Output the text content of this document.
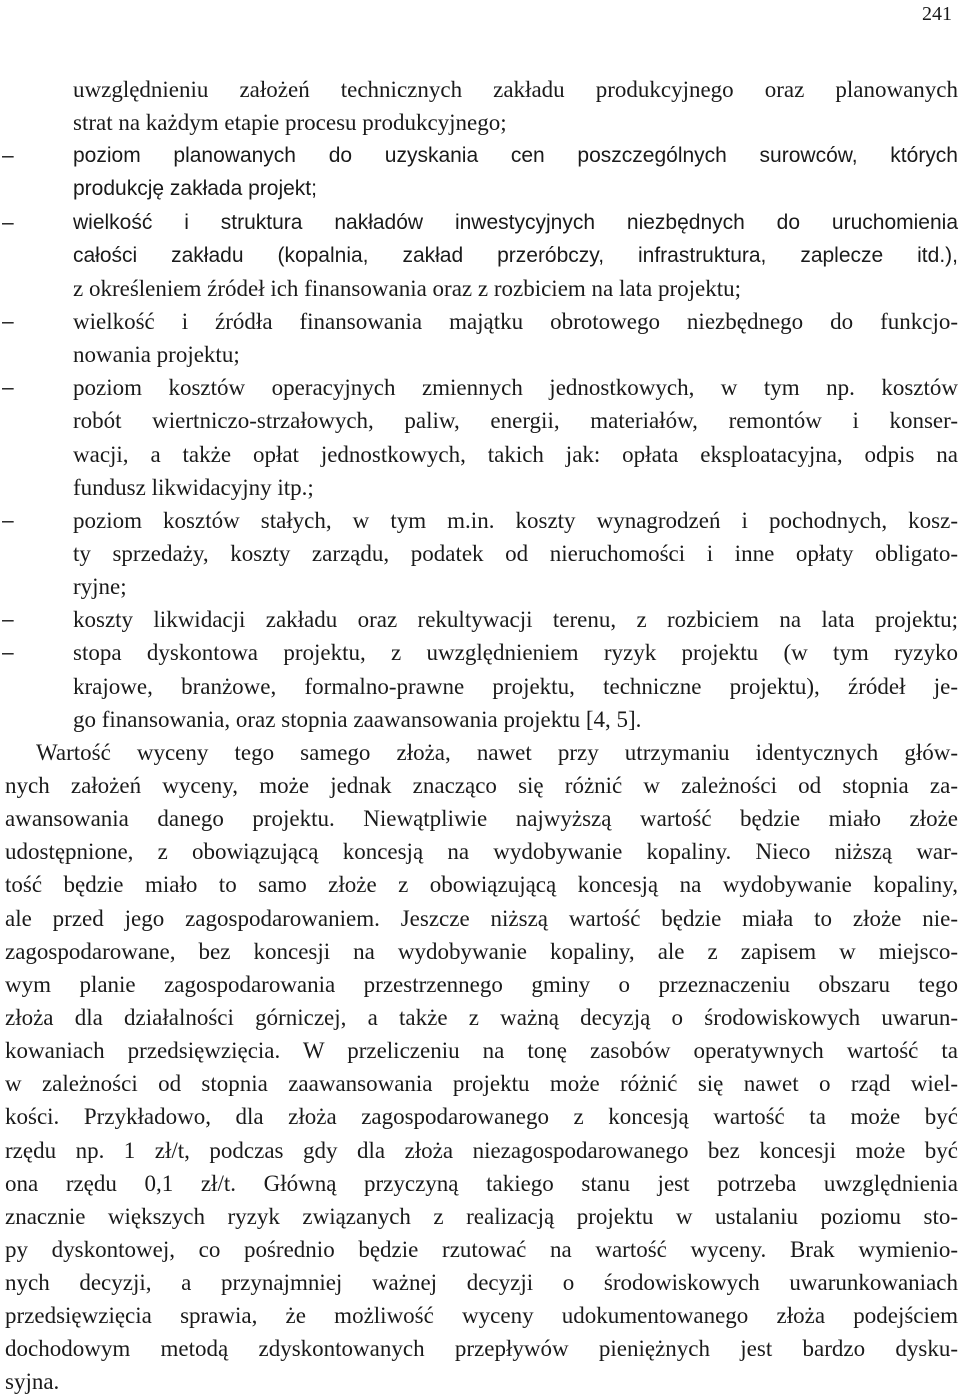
241
uwzględnieniu założeń technicznych zakładu produkcyjnego oraz planowanych
strat na każdym etapie procesu produkcyjnego;
–	poziom planowanych do uzyskania cen poszczególnych surowców, których
produkcję zakłada projekt;
–	wielkość i struktura nakładów inwestycyjnych niezbędnych do uruchomienia
całości zakładu (kopalnia, zakład przeróbczy, infrastruktura, zaplecze itd.),
z określeniem źródeł ich finansowania oraz z rozbiciem na lata projektu;
–	wielkość i źródła finansowania majątku obrotowego niezbędnego do funkcjo-
nowania projektu;
–	poziom kosztów operacyjnych zmiennych jednostkowych, w tym np. kosztów
robót wiertniczo-strzałowych, paliw, energii, materiałów, remontów i konser-
wacji, a także opłat jednostkowych, takich jak: opłata eksploatacyjna, odpis na
fundusz likwidacyjny itp.;
–	poziom kosztów stałych, w tym m.in. koszty wynagrodzeń i pochodnych, kosz-
ty sprzedaży, koszty zarządu, podatek od nieruchomości i inne opłaty obligato-
ryjne;
–	koszty likwidacji zakładu oraz rekultywacji terenu, z rozbiciem na lata projektu;
–	stopa dyskontowa projektu, z uwzględnieniem ryzyk projektu (w tym ryzyko
krajowe, branżowe, formalno-prawne projektu, techniczne projektu), źródeł je-
go finansowania, oraz stopnia zaawansowania projektu [4, 5].
Wartość wyceny tego samego złoża, nawet przy utrzymaniu identycznych głów-
nych założeń wyceny, może jednak znacząco się różnić w zależności od stopnia za-
awansowania danego projektu. Niewątpliwie najwyższą wartość będzie miało złoże
udostępnione, z obowiązującą koncesją na wydobywanie kopaliny. Nieco niższą war-
tość będzie miało to samo złoże z obowiązującą koncesją na wydobywanie kopaliny,
ale przed jego zagospodarowaniem. Jeszcze niższą wartość będzie miała to złoże nie-
zagospodarowane, bez koncesji na wydobywanie kopaliny, ale z zapisem w miejsco-
wym planie zagospodarowania przestrzennego gminy o przeznaczeniu obszaru tego
złoża dla działalności górniczej, a także z ważną decyzją o środowiskowych uwarun-
kowaniach przedsięwzięcia. W przeliczeniu na tonę zasobów operatywnych wartość ta
w zależności od stopnia zaawansowania projektu może różnić się nawet o rząd wiel-
kości. Przykładowo, dla złoża zagospodarowanego z koncesją wartość ta może być
rzędu np. 1 zł/t, podczas gdy dla złoża niezagospodarowanego bez koncesji może być
ona rzędu 0,1 zł/t. Główną przyczyną takiego stanu jest potrzeba uwzględnienia
znacznie większych ryzyk związanych z realizacją projektu w ustalaniu poziomu sto-
py dyskontowej, co pośrednio będzie rzutować na wartość wyceny. Brak wymienio-
nych decyzji, a przynajmniej ważnej decyzji o środowiskowych uwarunkowaniach
przedsięwzięcia sprawia, że możliwość wyceny udokumentowanego złoża podejściem
dochodowym metodą zdyskontowanych przepływów pieniężnych jest bardzo dysku-
syjna.
